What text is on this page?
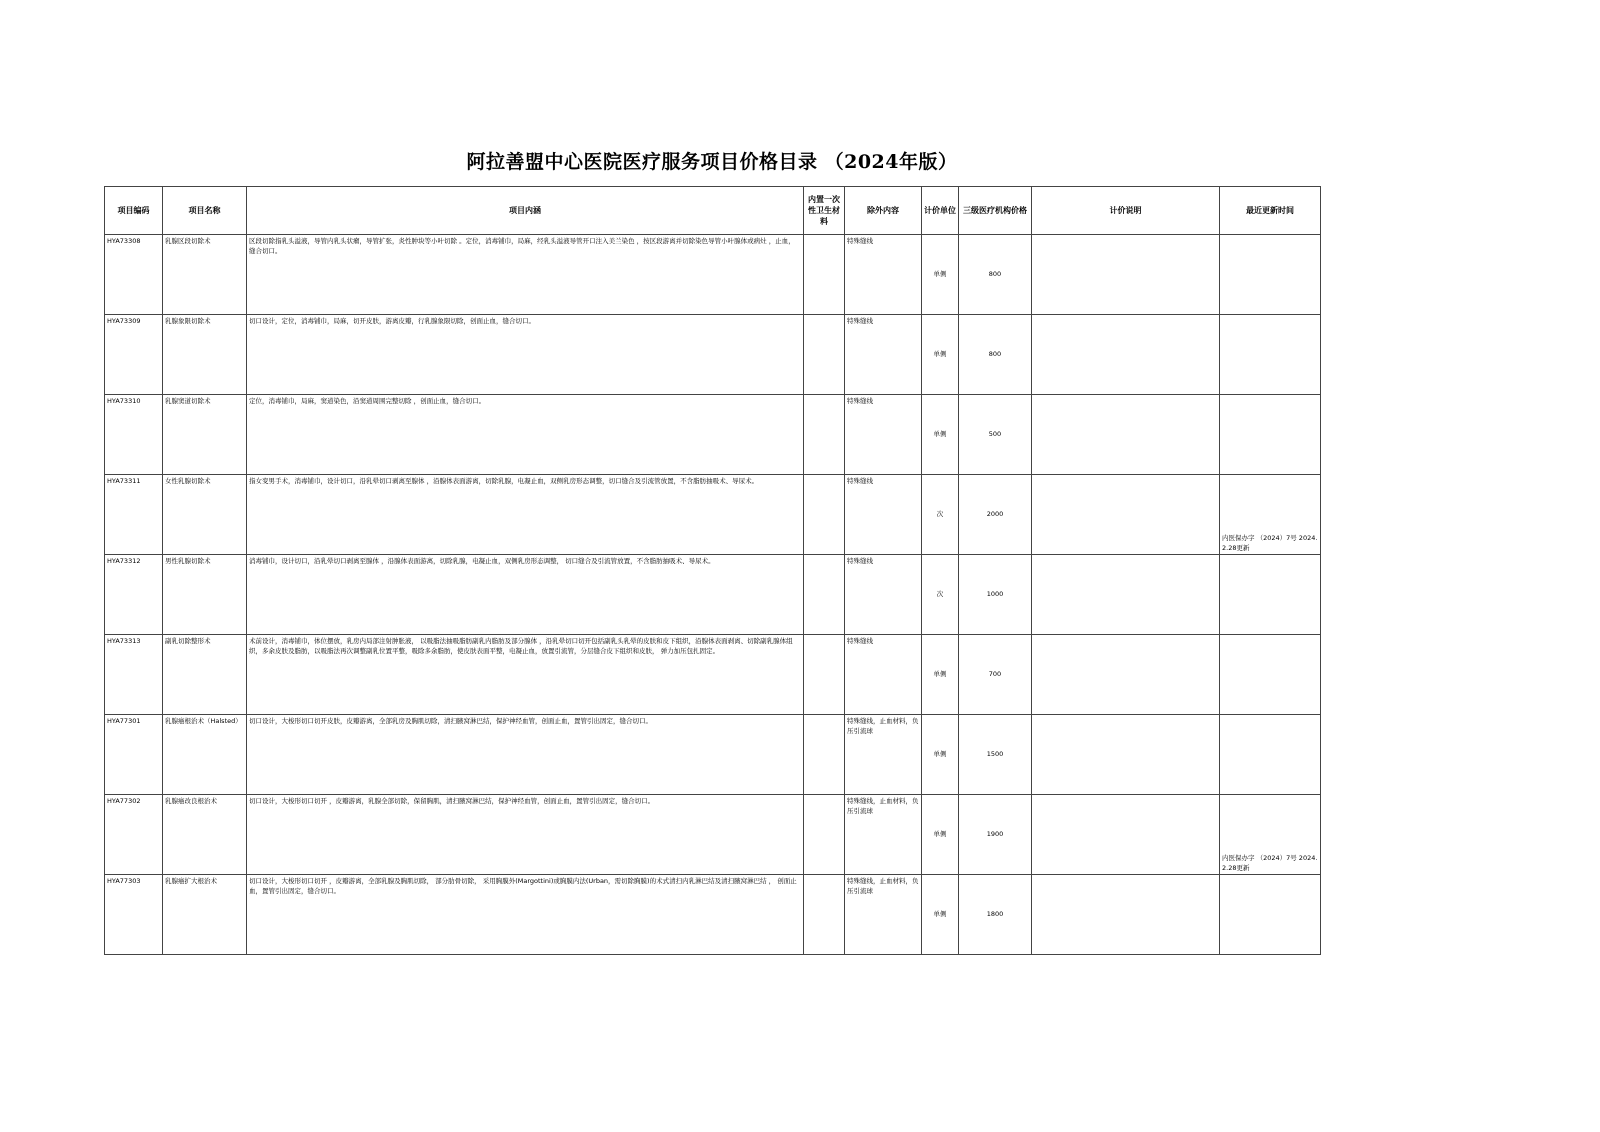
阿拉善盟中心医院医疗服务项目价格目录 （2024年版）
项目编码	项目名称	项目内涵	内置一次性卫生材料	除外内容	计价单位	三级医疗机构价格	计价说明	最近更新时间
HYA73308	乳腺区段切除术	区段切除指乳头溢液，导管内乳头状瘤，导管扩张，炎性肿块等小叶切除 。定位，消毒铺巾，局麻，经乳头溢液导管开口注入美兰染色 ，按区段游离并切除染色导管小叶腺体或病灶 ，止血，缝合切口。		特殊缝线	单侧	800		
HYA73309	乳腺象限切除术	切口设计，定位，消毒铺巾，局麻，切开皮肤，游离皮瓣，行乳腺象限切除，创面止血，缝合切口。		特殊缝线	单侧	800		
HYA73310	乳腺窦道切除术	定位，消毒铺巾，局麻，窦道染色，沿窦道周围完整切除 ，创面止血，缝合切口。		特殊缝线	单侧	500		
HYA73311	女性乳腺切除术	指女变男手术，消毒铺巾，设计切口，沿乳晕切口剥离至腺体 ，沿腺体表面游离，切除乳腺，电凝止血，双侧乳房形态调整，切口缝合及引流管放置，不含脂肪抽吸术、导尿术。		特殊缝线	次	2000		内医保办字 （2024）7号 2024.2.28更新
HYA73312	男性乳腺切除术	消毒铺巾，设计切口，沿乳晕切口剥离至腺体 ，沿腺体表面游离，切除乳腺，电凝止血，双侧乳房形态调整， 切口缝合及引流管放置，不含脂肪抽吸术、导尿术。		特殊缝线	次	1000		
HYA73313	副乳切除整形术	术前设计，消毒铺巾，体位摆放，乳房内局部注射肿胀液， 以吸脂法抽吸脂肪副乳内脂肪及部分腺体 ，沿乳晕切口切开包括副乳头乳晕的皮肤和皮下组织，沿腺体表面剥离、切除副乳腺体组织，多余皮肤及脂肪，以吸脂法再次调整副乳位置平整，吸除多余脂肪，使皮肤表面平整，电凝止血，放置引流管，分层缝合皮下组织和皮肤， 弹力加压包扎固定。		特殊缝线	单侧	700		
HYA77301	乳腺癌根治术（Halsted）	切口设计，大梭形切口切开皮肤，皮瓣游离，全部乳房及胸肌切除，清扫腋窝淋巴结，保护神经血管，创面止血，置管引出固定，缝合切口。		特殊缝线，止血材料，负压引流球	单侧	1500		
HYA77302	乳腺癌改良根治术	切口设计，大梭形切口切开 ，皮瓣游离，乳腺全部切除，保留胸肌，清扫腋窝淋巴结，保护神经血管，创面止血，置管引出固定，缝合切口。		特殊缝线，止血材料，负压引流球	单侧	1900		内医保办字 （2024）7号 2024.2.28更新
HYA77303	乳腺癌扩大根治术	切口设计，大梭形切口切开 ，皮瓣游离，全部乳腺及胸肌切除， 部分肋骨切除， 采用胸膜外(Margottini)或胸膜内法(Urban，需切除胸膜)的术式清扫内乳淋巴结及清扫腋窝淋巴结 ， 创面止血，置管引出固定，缝合切口。		特殊缝线，止血材料，负压引流球	单侧	1800		
